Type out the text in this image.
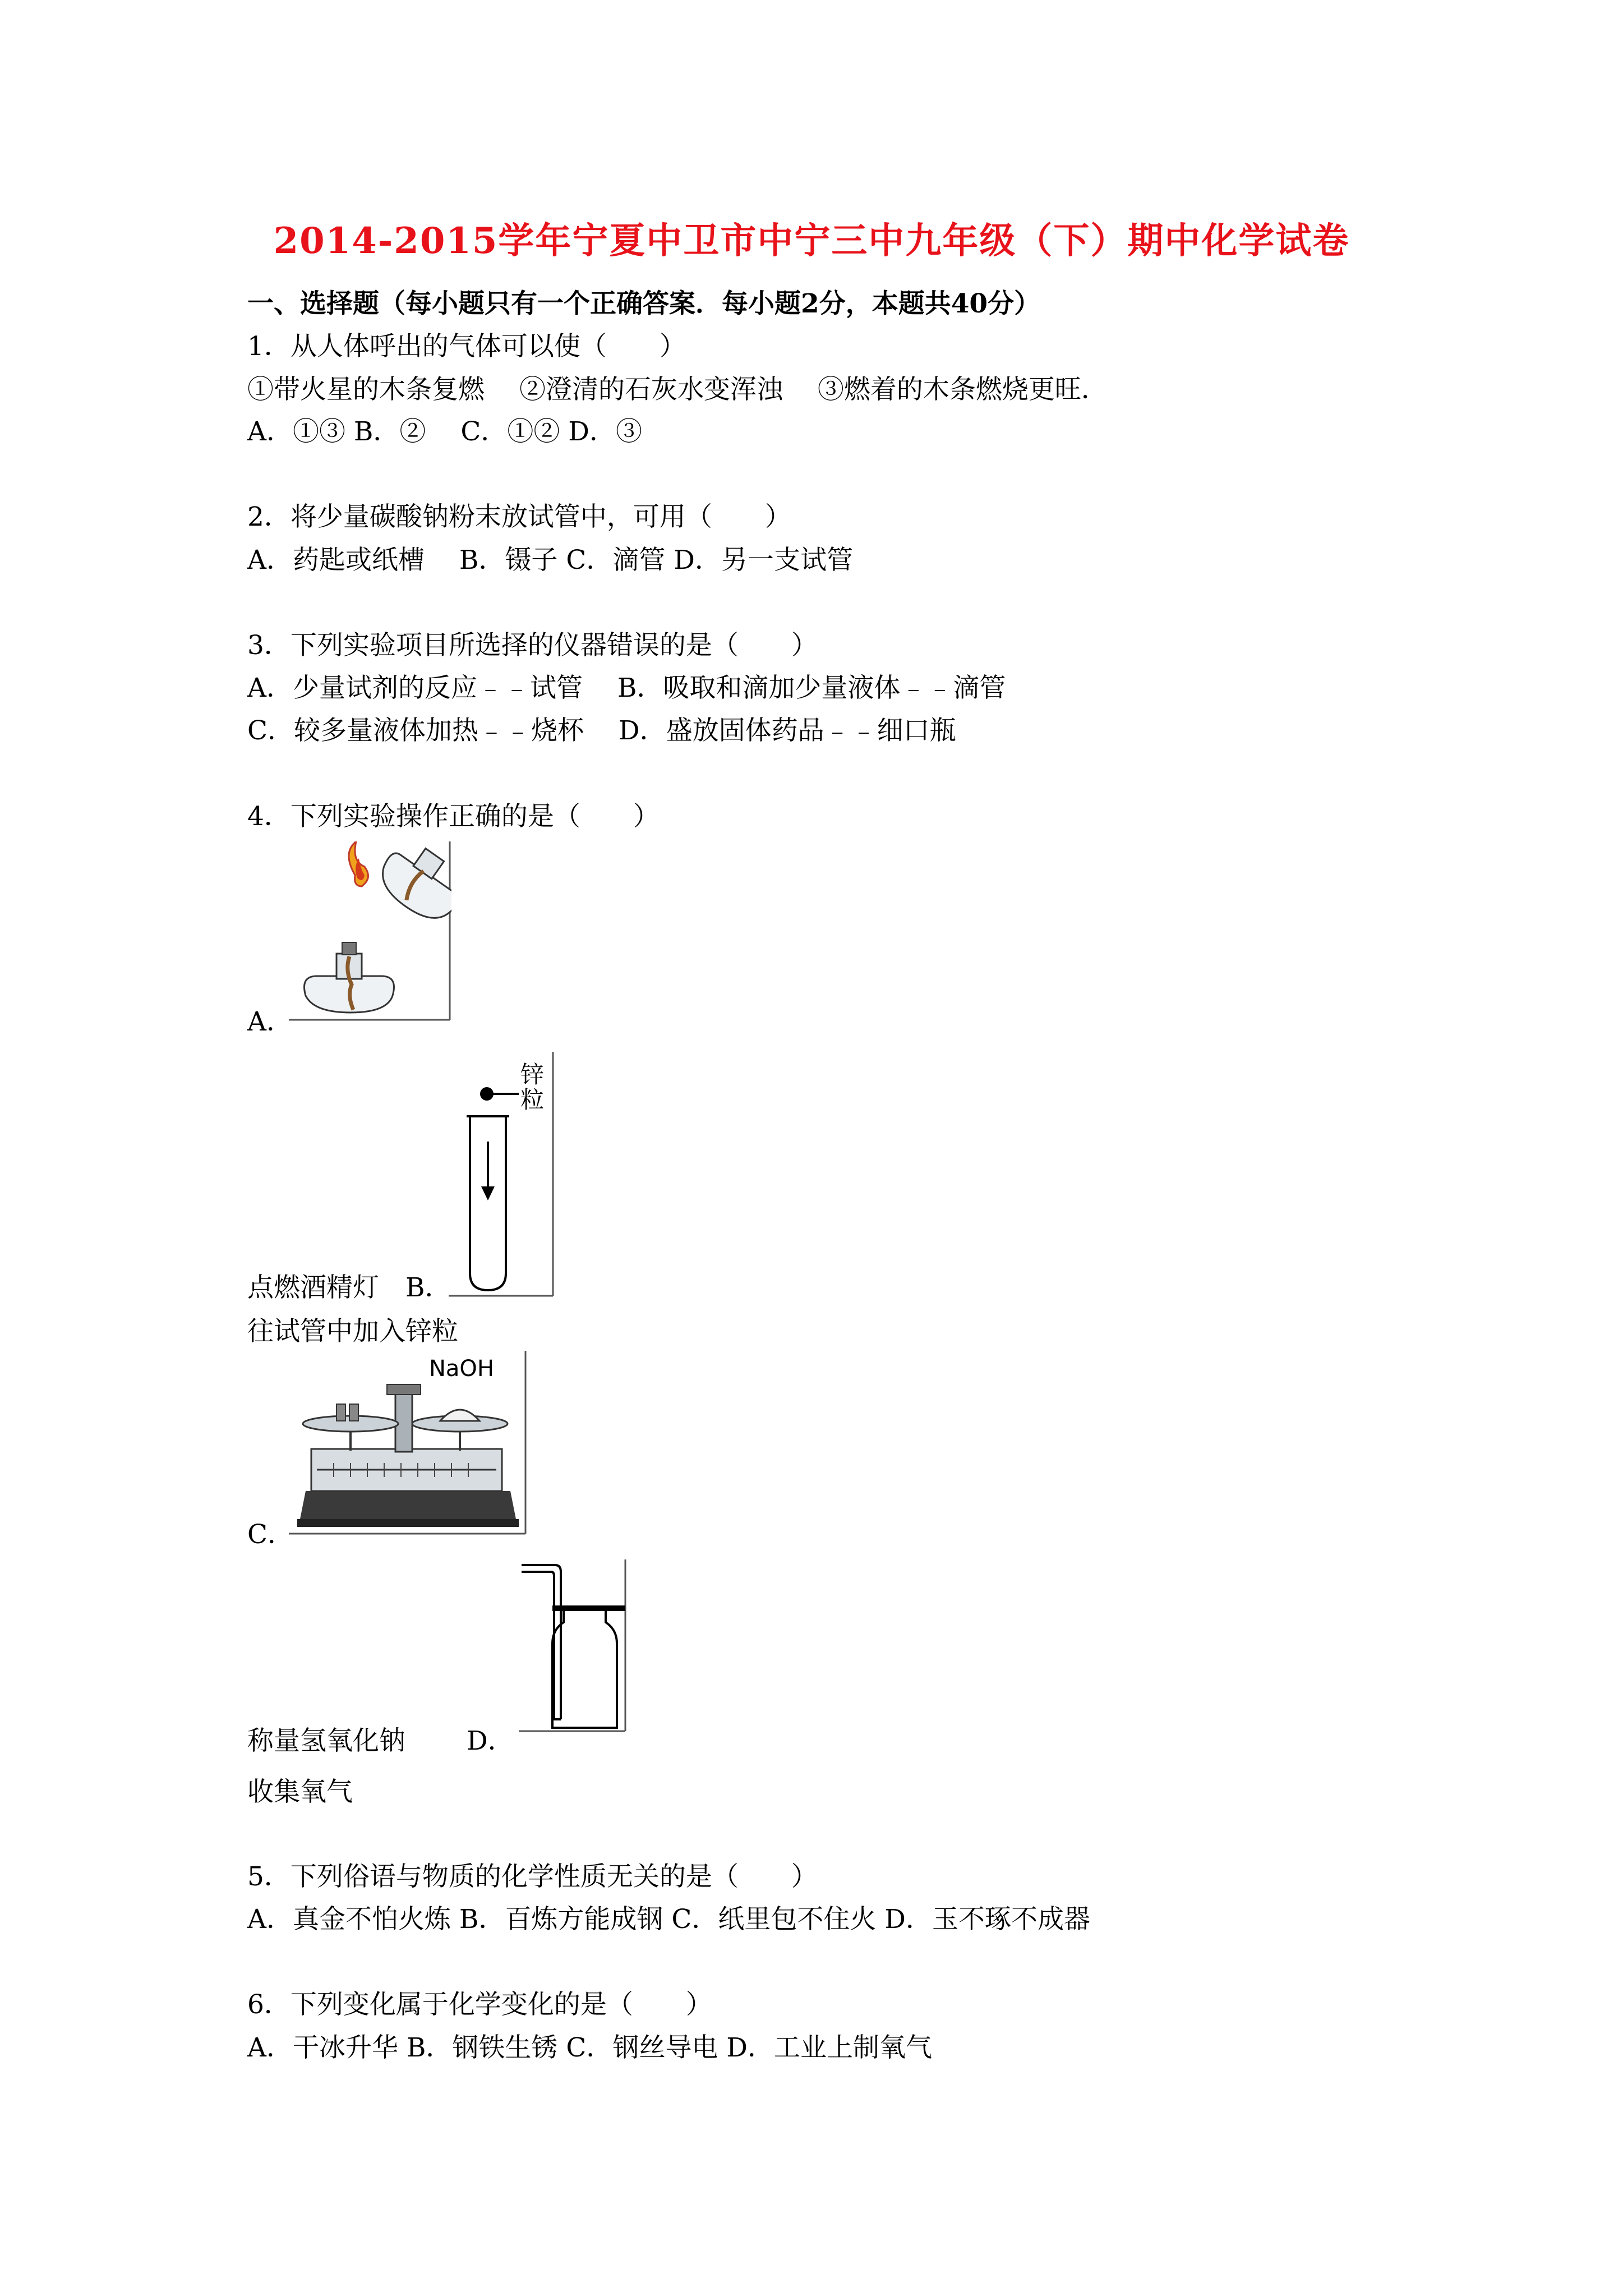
2014-2015学年宁夏中卫市中宁三中九年级（下）期中化学试卷
一、选择题（每小题只有一个正确答案．每小题2分，本题共40分）
1．从人体呼出的气体可以使（　　）
①带火星的木条复燃　 ②澄清的石灰水变浑浊　 ③燃着的木条燃烧更旺．
A．①③ B．②　 C．①② D．③
2．将少量碳酸钠粉末放试管中，可用（　　）
A．药匙或纸槽　 B．镊子 C．滴管 D．另一支试管
3．下列实验项目所选择的仪器错误的是（　　）
A．少量试剂的反应﹣﹣试管　 B．吸取和滴加少量液体﹣﹣滴管
C．较多量液体加热﹣﹣烧杯　 D．盛放固体药品﹣﹣细口瓶
4．下列实验操作正确的是（　　）
A．
锌
粒
点燃酒精灯　B．
往试管中加入锌粒
NaOH
C．
称量氢氧化钠　　 D．
收集氧气
5．下列俗语与物质的化学性质无关的是（　　）
A．真金不怕火炼 B．百炼方能成钢 C．纸里包不住火 D．玉不琢不成器
6．下列变化属于化学变化的是（　　）
A．干冰升华 B．钢铁生锈 C．钢丝导电 D．工业上制氧气
